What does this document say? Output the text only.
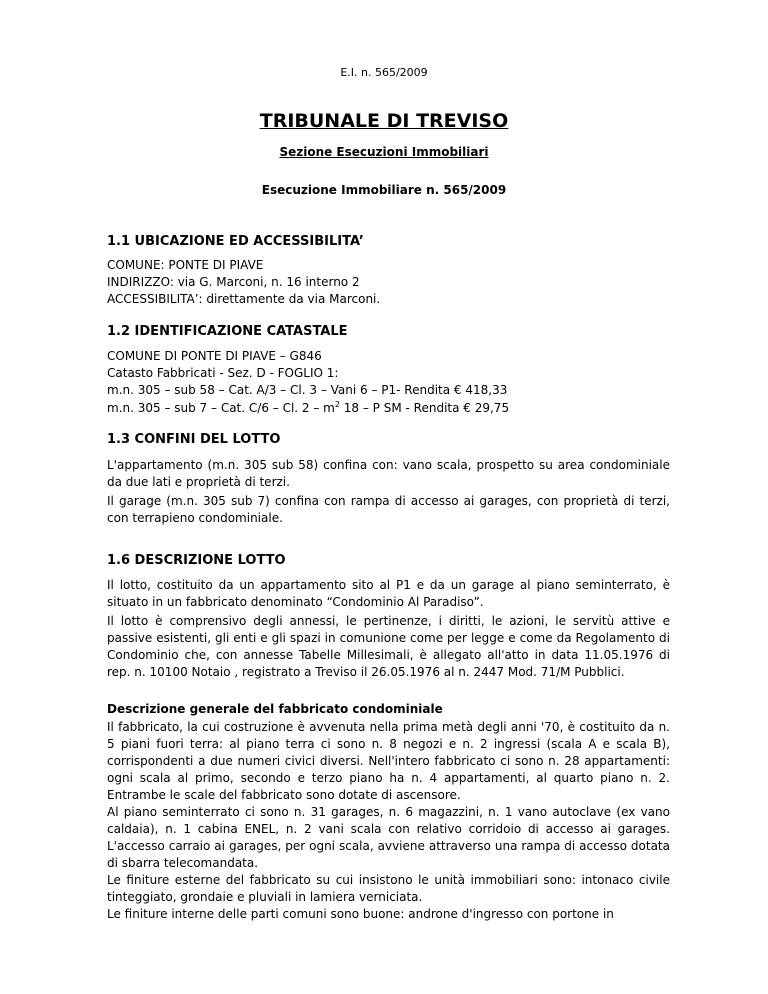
E.I. n. 565/2009
TRIBUNALE DI TREVISO
Sezione Esecuzioni Immobiliari
Esecuzione Immobiliare n. 565/2009
1.1 UBICAZIONE ED ACCESSIBILITA’
COMUNE: PONTE DI PIAVE
INDIRIZZO: via G. Marconi, n. 16 interno 2
ACCESSIBILITA’: direttamente da via Marconi.
1.2 IDENTIFICAZIONE CATASTALE
COMUNE DI PONTE DI PIAVE – G846
Catasto Fabbricati - Sez. D - FOGLIO 1:
m.n. 305 – sub 58 – Cat. A/3 – Cl. 3 – Vani 6 – P1- Rendita € 418,33
m.n. 305 – sub 7 – Cat. C/6 – Cl. $2 - m^2$ 18 – P SM - Rendita € 29,75
1.3 CONFINI DEL LOTTO

L'appartamento (m.n. 305 sub 58) confina con: vano scala, prospetto su area condominiale da due lati e proprietà di terzi.

Il garage (m.n. 305 sub 7) confina con rampa di accesso ai garages, con proprietà di terzi, con terrapieno condominiale.

1.6 DESCRIZIONE LOTTO

Il lotto, costituito da un appartamento sito al P1 e da un garage al piano seminterrato, è situato in un fabbricato denominato “Condominio Al Paradiso”.

Il lotto è comprensivo degli annessi, le pertinenze, i diritti, le azioni, le servitù attive e passive esistenti, gli enti e gli spazi in comunione come per legge e come da Regolamento di Condominio che, con annesse Tabelle Millesimali, è allegato all'atto in data 11.05.1976 di rep. n. 10100 Notaio , registrato a Treviso il 26.05.1976 al n. 2447 Mod. 71/M Pubblici.

Descrizione generale del fabbricato condominiale

Il fabbricato, la cui costruzione è avvenuta nella prima metà degli anni '70, è costituito da n. 5 piani fuori terra: al piano terra ci sono n. 8 negozi e n. 2 ingressi (scala A e scala B), corrispondenti a due numeri civici diversi. Nell'intero fabbricato ci sono n. 28 appartamenti: ogni scala al primo, secondo e terzo piano ha n. 4 appartamenti, al quarto piano n. 2. Entrambe le scale del fabbricato sono dotate di ascensore.

Al piano seminterrato ci sono n. 31 garages, n. 6 magazzini, n. 1 vano autoclave (ex vano caldaia), n. 1 cabina ENEL, n. 2 vani scala con relativo corridoio di accesso ai garages. L'accesso carraio ai garages, per ogni scala, avviene attraverso una rampa di accesso dotata di sbarra telecomandata.

Le finiture esterne del fabbricato su cui insistono le unità immobiliari sono: intonaco civile tinteggiato, grondaie e pluviali in lamiera verniciata.

Le finiture interne delle parti comuni sono buone: androne d'ingresso con portone in
